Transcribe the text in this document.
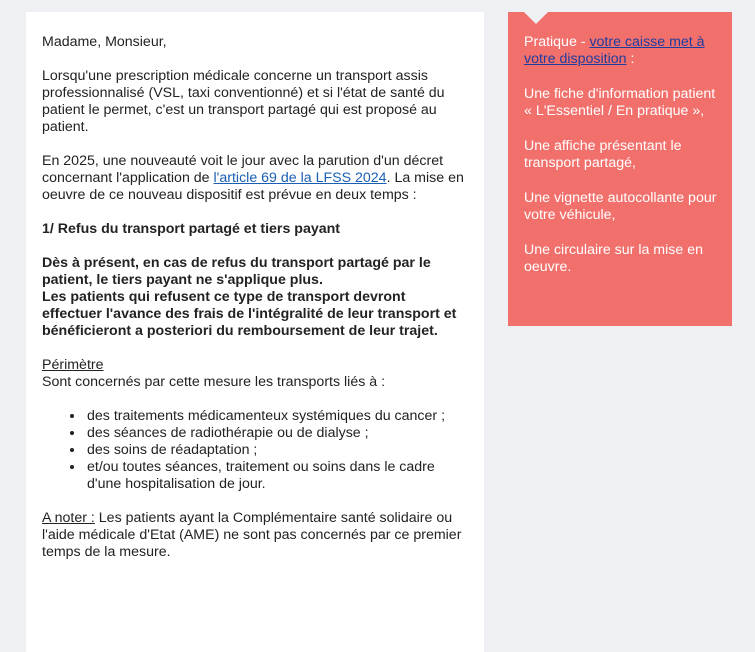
Madame, Monsieur,

Lorsqu'une prescription médicale concerne un transport assis professionnalisé (VSL, taxi conventionné) et si l'état de santé du patient le permet, c'est un transport partagé qui est proposé au patient.

En 2025, une nouveauté voit le jour avec la parution d'un décret concernant l'application de l'article 69 de la LFSS 2024. La mise en oeuvre de ce nouveau dispositif est prévue en deux temps :

1/ Refus du transport partagé et tiers payant

Dès à présent, en cas de refus du transport partagé par le patient, le tiers payant ne s'applique plus.
Les patients qui refusent ce type de transport devront effectuer l'avance des frais de l'intégralité de leur transport et bénéficieront a posteriori du remboursement de leur trajet.

Périmètre
Sont concernés par cette mesure les transports liés à :

• des traitements médicamenteux systémiques du cancer ;
• des séances de radiothérapie ou de dialyse ;
• des soins de réadaptation ;
• et/ou toutes séances, traitement ou soins dans le cadre d'une hospitalisation de jour.

A noter : Les patients ayant la Complémentaire santé solidaire ou l'aide médicale d'Etat (AME) ne sont pas concernés par ce premier temps de la mesure.

Pratique - votre caisse met à votre disposition :

Une fiche d'information patient « L'Essentiel / En pratique »,

Une affiche présentant le transport partagé,

Une vignette autocollante pour votre véhicule,

Une circulaire sur la mise en oeuvre.
